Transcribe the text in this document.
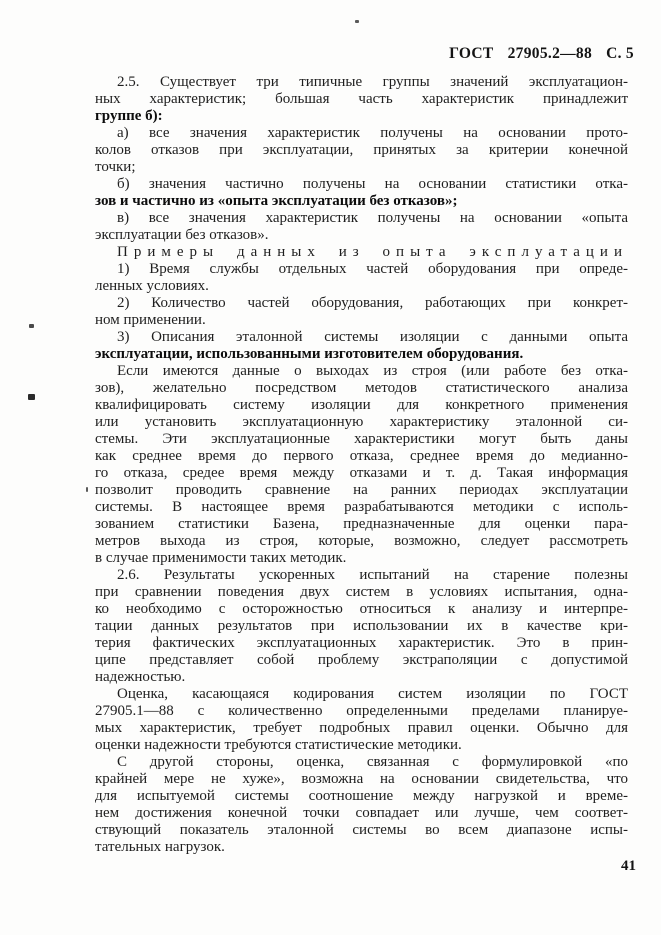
ГОСТ 27905.2—88 С. 5
2.5. Существует три типичные группы значений эксплуатацион-
ных характеристик; большая часть характеристик принадлежит
группе б):
а) все значения характеристик получены на основании прото-
колов отказов при эксплуатации, принятых за критерии конечной
точки;
б) значения частично получены на основании статистики отка-
зов и частично из «опыта эксплуатации без отказов»;
в) все значения характеристик получены на основании «опыта
эксплуатации без отказов».
Примеры данных из опыта эксплуатации
1) Время службы отдельных частей оборудования при опреде-
ленных условиях.
2) Количество частей оборудования, работающих при конкрет-
ном применении.
3) Описания эталонной системы изоляции с данными опыта
эксплуатации, использованными изготовителем оборудования.
Если имеются данные о выходах из строя (или работе без отка-
зов), желательно посредством методов статистического анализа
квалифицировать систему изоляции для конкретного применения
или установить эксплуатационную характеристику эталонной си-
стемы. Эти эксплуатационные характеристики могут быть даны
как среднее время до первого отказа, среднее время до медианно-
го отказа, средее время между отказами и т. д. Такая информация
позволит проводить сравнение на ранних периодах эксплуатации
системы. В настоящее время разрабатываются методики с исполь-
зованием статистики Базена, предназначенные для оценки пара-
метров выхода из строя, которые, возможно, следует рассмотреть
в случае применимости таких методик.
2.6. Результаты ускоренных испытаний на старение полезны
при сравнении поведения двух систем в условиях испытания, одна-
ко необходимо с осторожностью относиться к анализу и интерпре-
тации данных результатов при использовании их в качестве кри-
терия фактических эксплуатационных характеристик. Это в прин-
ципе представляет собой проблему экстраполяции с допустимой
надежностью.
Оценка, касающаяся кодирования систем изоляции по ГОСТ
27905.1—88 с количественно определенными пределами планируе-
мых характеристик, требует подробных правил оценки. Обычно для
оценки надежности требуются статистические методики.
С другой стороны, оценка, связанная с формулировкой «по
крайней мере не хуже», возможна на основании свидетельства, что
для испытуемой системы соотношение между нагрузкой и време-
нем достижения конечной точки совпадает или лучше, чем соответ-
ствующий показатель эталонной системы во всем диапазоне испы-
тательных нагрузок.
41
